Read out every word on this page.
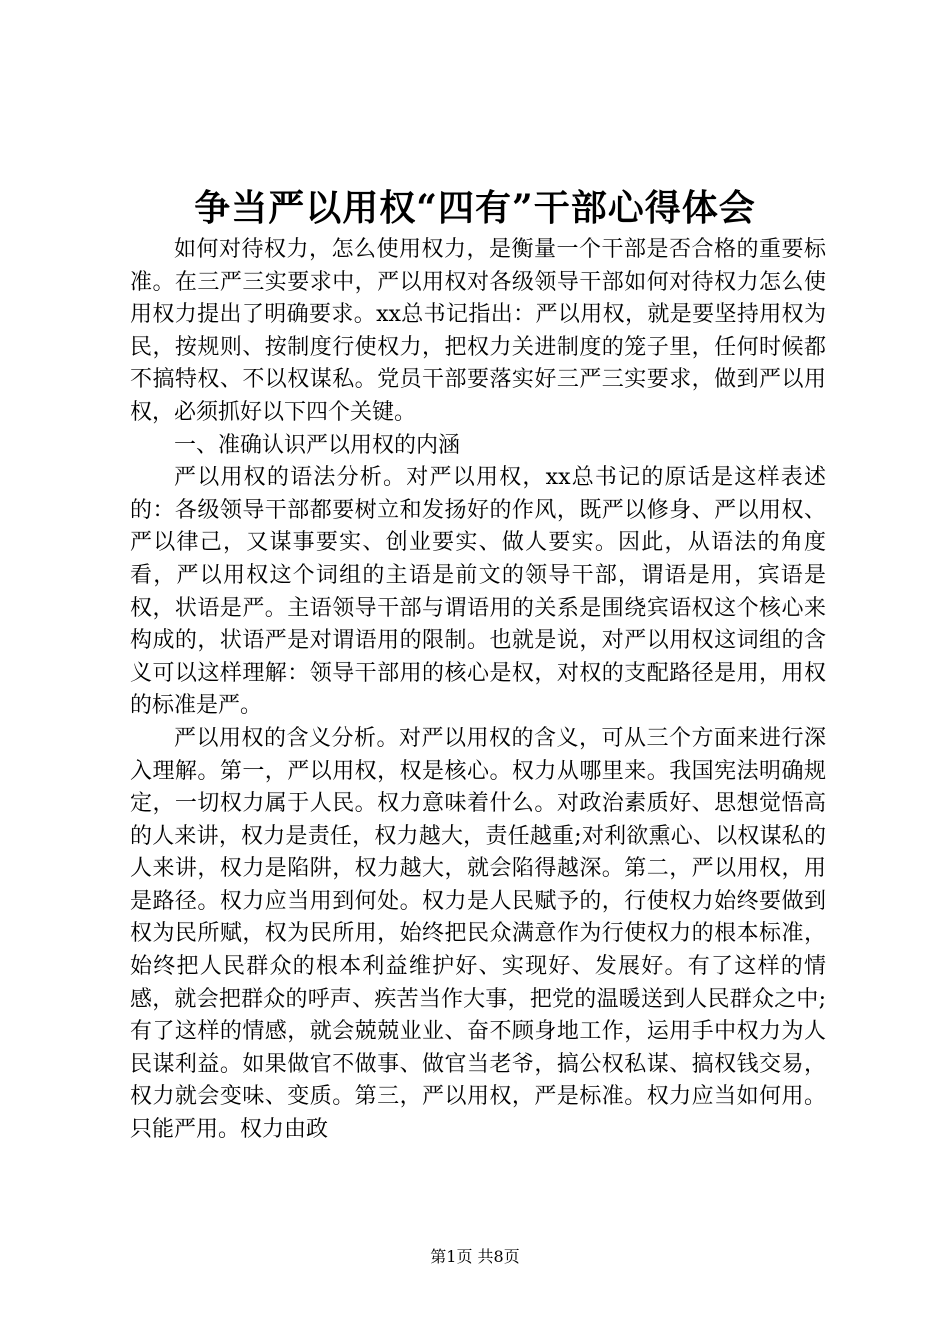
争当严以用权“四有”干部心得体会

如何对待权力，怎么使用权力，是衡量一个干部是否合格的重要标准。在三严三实要求中，严以用权对各级领导干部如何对待权力怎么使用权力提出了明确要求。xx总书记指出：严以用权，就是要坚持用权为民，按规则、按制度行使权力，把权力关进制度的笼子里，任何时候都不搞特权、不以权谋私。党员干部要落实好三严三实要求，做到严以用权，必须抓好以下四个关键。

一、准确认识严以用权的内涵

严以用权的语法分析。对严以用权，xx总书记的原话是这样表述的：各级领导干部都要树立和发扬好的作风，既严以修身、严以用权、严以律己，又谋事要实、创业要实、做人要实。因此，从语法的角度看，严以用权这个词组的主语是前文的领导干部，谓语是用，宾语是权，状语是严。主语领导干部与谓语用的关系是围绕宾语权这个核心来构成的，状语严是对谓语用的限制。也就是说，对严以用权这词组的含义可以这样理解：领导干部用的核心是权，对权的支配路径是用，用权的标准是严。

严以用权的含义分析。对严以用权的含义，可从三个方面来进行深入理解。第一，严以用权，权是核心。权力从哪里来。我国宪法明确规定，一切权力属于人民。权力意味着什么。对政治素质好、思想觉悟高的人来讲，权力是责任，权力越大，责任越重;对利欲熏心、以权谋私的人来讲，权力是陷阱，权力越大，就会陷得越深。第二，严以用权，用是路径。权力应当用到何处。权力是人民赋予的，行使权力始终要做到权为民所赋，权为民所用，始终把民众满意作为行使权力的根本标准，始终把人民群众的根本利益维护好、实现好、发展好。有了这样的情感，就会把群众的呼声、疾苦当作大事，把党的温暖送到人民群众之中;有了这样的情感，就会兢兢业业、奋不顾身地工作，运用手中权力为人民谋利益。如果做官不做事、做官当老爷，搞公权私谋、搞权钱交易，权力就会变味、变质。第三，严以用权，严是标准。权力应当如何用。只能严用。权力由政

第1页 共8页
